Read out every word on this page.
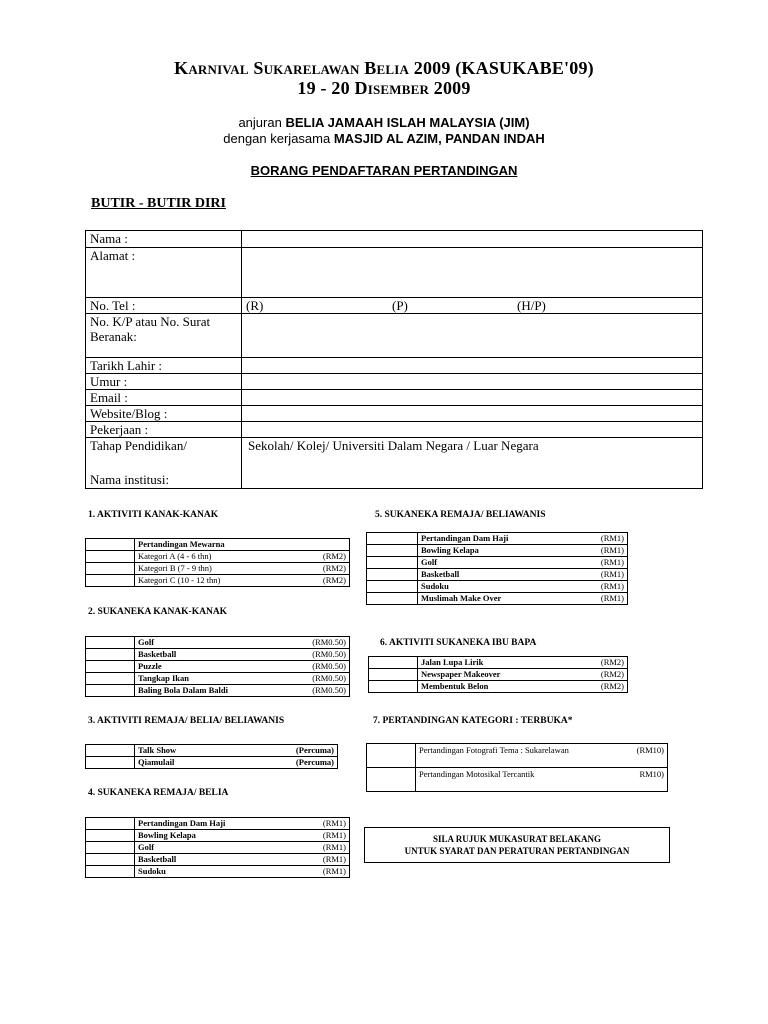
Karnival Sukarelawan Belia 2009 (KASUKABE'09)
19 - 20 Disember 2009
anjuran BELIA JAMAAH ISLAH MALAYSIA (JIM)
dengan kerjasama MASJID AL AZIM, PANDAN INDAH
BORANG PENDAFTARAN PERTANDINGAN
BUTIR - BUTIR DIRI
Nama :	
Alamat :	
No. Tel :	(R) (P) (H/P)

No. K/P atau No. Surat Beranak:	
Tarikh Lahir :	
Umur :	
Email :	
Website/Blog :	
Pekerjaan :	

Tahap Pendidikan/
Nama institusi:	Sekolah/ Kolej/ Universiti Dalam Negara / Luar Negara
1. AKTIVITI KANAK-KANAK
	Pertandingan Mewarna

	Kategori A (4 - 6 thn) (RM2)

	Kategori B (7 - 9 thn) (RM2)

	Kategori C (10 - 12 thn) (RM2)
2. SUKANEKA KANAK-KANAK
	Golf (RM0.50)

	Basketball (RM0.50)

	Puzzle (RM0.50)

	Tangkap Ikan (RM0.50)

	Baling Bola Dalam Baldi (RM0.50)
3. AKTIVITI REMAJA/ BELIA/ BELIAWANIS
	Talk Show (Percuma)

	Qiamulail (Percuma)
4. SUKANEKA REMAJA/ BELIA
	Pertandingan Dam Haji (RM1)

	Bowling Kelapa (RM1)

	Golf (RM1)

	Basketball (RM1)

	Sudoku (RM1)
5. SUKANEKA REMAJA/ BELIAWANIS
	Pertandingan Dam Haji (RM1)

	Bowling Kelapa (RM1)

	Golf (RM1)

	Basketball (RM1)

	Sudoku (RM1)

	Muslimah Make Over (RM1)
6. AKTIVITI SUKANEKA IBU BAPA
	Jalan Lupa Lirik (RM2)

	Newspaper Makeover (RM2)

	Membentuk Belon (RM2)
7. PERTANDINGAN KATEGORI : TERBUKA*
	Pertandingan Fotografi Tema : Sukarelawan (RM10)

	Pertandingan Motosikal Tercantik RM10)
SILA RUJUK MUKASURAT BELAKANG
UNTUK SYARAT DAN PERATURAN PERTANDINGAN
